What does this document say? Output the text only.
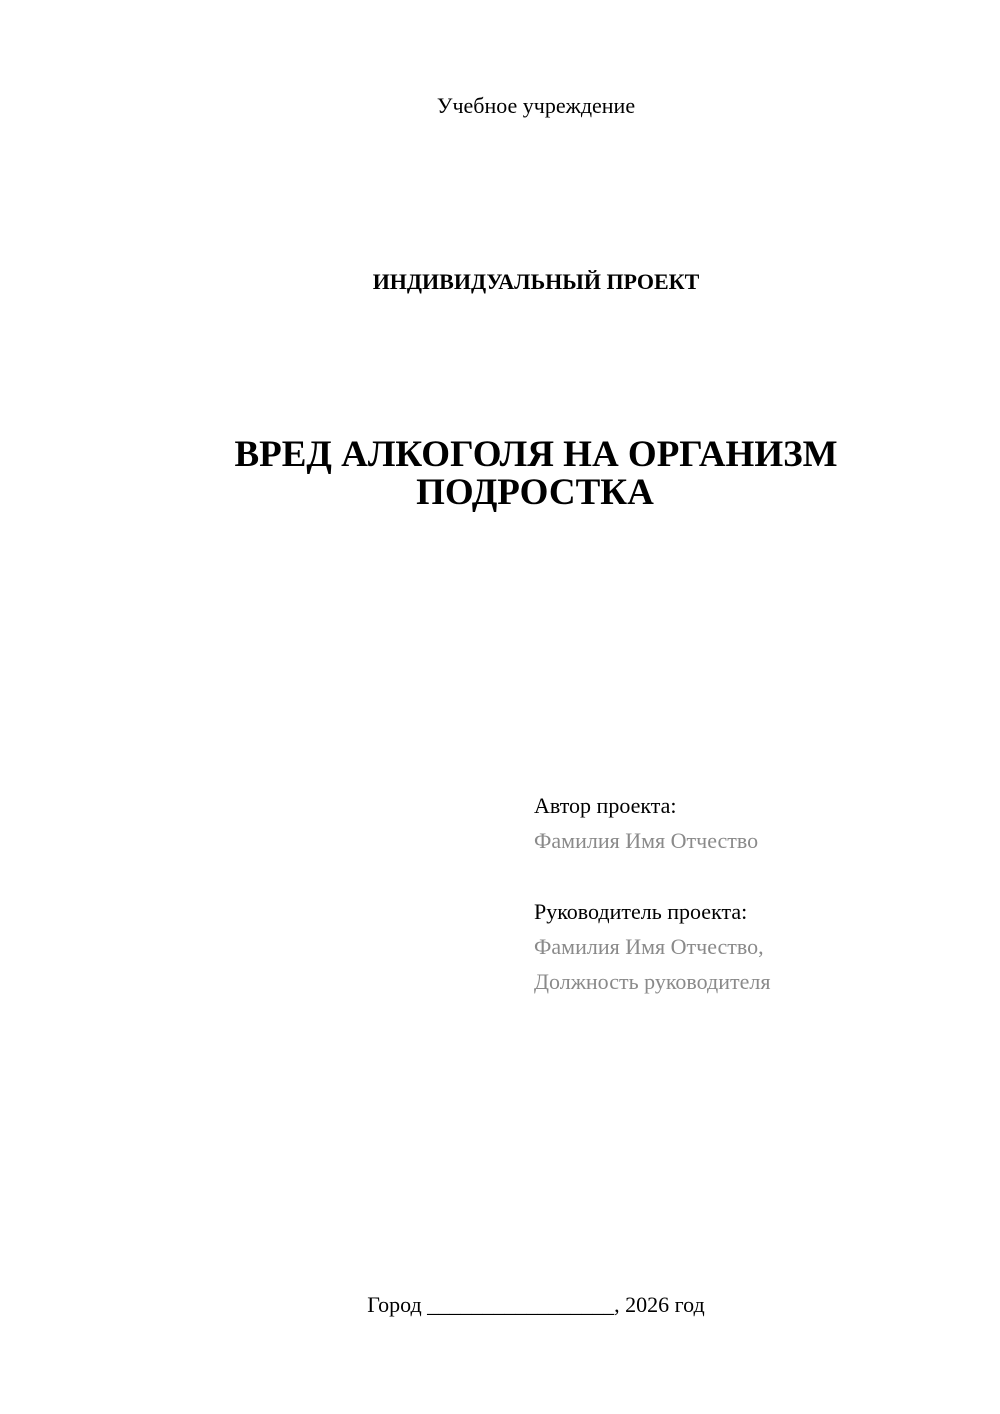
Учебное учреждение
ИНДИВИДУАЛЬНЫЙ ПРОЕКТ
ВРЕД АЛКОГОЛЯ НА ОРГАНИЗМ
ПОДРОСТКА
Автор проекта:
Фамилия Имя Отчество
Руководитель проекта:
Фамилия Имя Отчество,
Должность руководителя
Город _________________, 2026 год
